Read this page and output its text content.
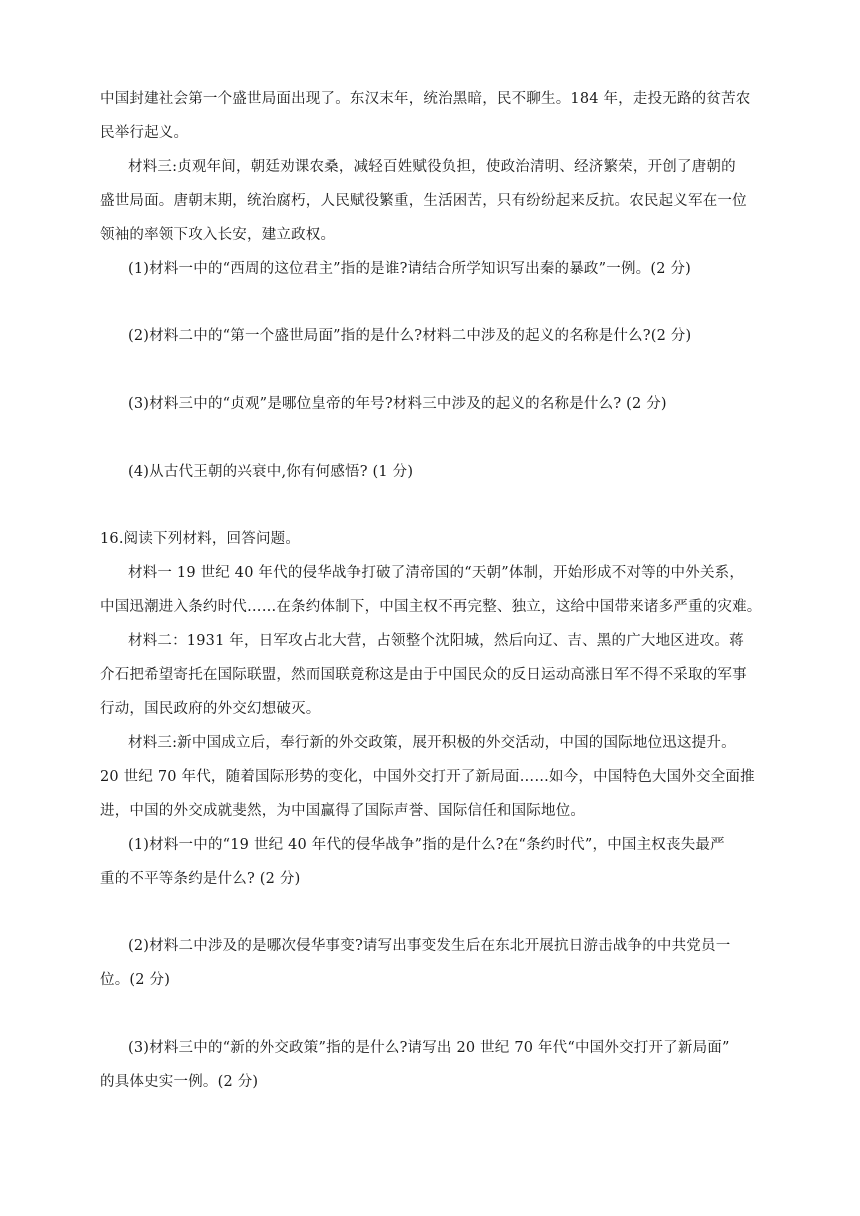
中国封建社会第一个盛世局面出现了。东汉末年，统治黑暗，民不聊生。184 年，走投无路的贫苦农
民举行起义。
材料三:贞观年间，朝廷劝课农桑，减轻百姓赋役负担，使政治清明、经济繁荣，开创了唐朝的
盛世局面。唐朝末期，统治腐朽，人民赋役繁重，生活困苦，只有纷纷起来反抗。农民起义军在一位
领袖的率领下攻入长安，建立政权。
(1)材料一中的“西周的这位君主”指的是谁?请结合所学知识写出秦的暴政”一例。(2 分)
(2)材料二中的“第一个盛世局面”指的是什么?材料二中涉及的起义的名称是什么?(2 分)
(3)材料三中的“贞观”是哪位皇帝的年号?材料三中涉及的起义的名称是什么? (2 分)
(4)从古代王朝的兴衰中,你有何感悟? (1 分)
16.阅读下列材料，回答问题。
材料一 19 世纪 40 年代的侵华战争打破了清帝国的“天朝”体制，开始形成不对等的中外关系，
中国迅潮进入条约时代……在条约体制下，中国主权不再完整、独立，这给中国带来诸多严重的灾难。
材料二：1931 年，日军攻占北大营，占领整个沈阳城，然后向辽、吉、黑的广大地区进攻。蒋
介石把希望寄托在国际联盟，然而国联竟称这是由于中国民众的反日运动高涨日军不得不采取的军事
行动，国民政府的外交幻想破灭。
材料三:新中国成立后，奉行新的外交政策，展开积极的外交活动，中国的国际地位迅这提升。
20 世纪 70 年代，随着国际形势的变化，中国外交打开了新局面……如今，中国特色大国外交全面推
进，中国的外交成就斐然，为中国赢得了国际声誉、国际信任和国际地位。
(1)材料一中的“19 世纪 40 年代的侵华战争”指的是什么?在“条约时代”，中国主权丧失最严
重的不平等条约是什么? (2 分)
(2)材料二中涉及的是哪次侵华事变?请写出事变发生后在东北开展抗日游击战争的中共党员一
位。(2 分)
(3)材料三中的“新的外交政策”指的是什么?请写出 20 世纪 70 年代“中国外交打开了新局面”
的具体史实一例。(2 分)
